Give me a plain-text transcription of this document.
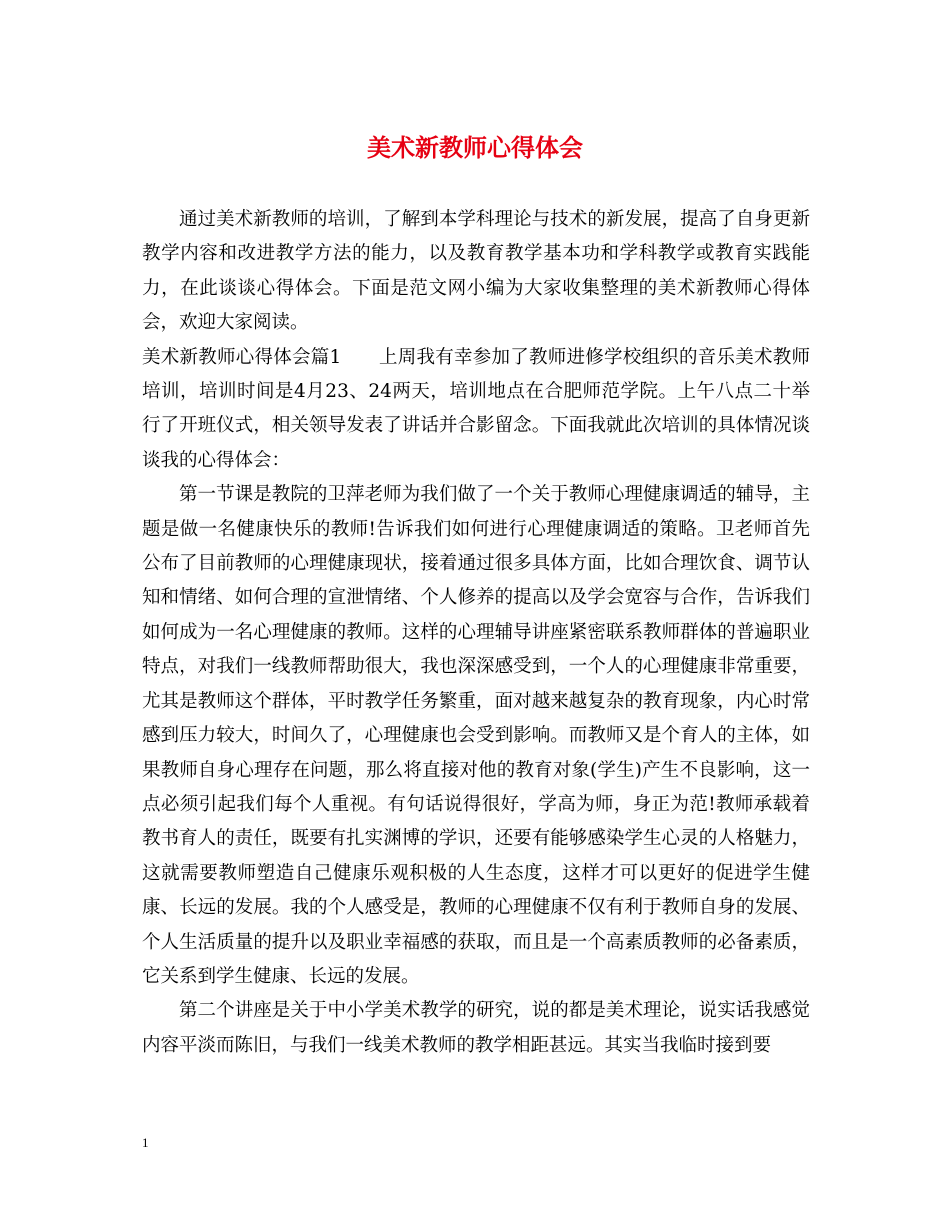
美术新教师心得体会

通过美术新教师的培训，了解到本学科理论与技术的新发展，提高了自身更新教学内容和改进教学方法的能力，以及教育教学基本功和学科教学或教育实践能力，在此谈谈心得体会。下面是范文网小编为大家收集整理的美术新教师心得体会，欢迎大家阅读。

美术新教师心得体会篇1　　上周我有幸参加了教师进修学校组织的音乐美术教师培训，培训时间是4月23、24两天，培训地点在合肥师范学院。上午八点二十举行了开班仪式，相关领导发表了讲话并合影留念。下面我就此次培训的具体情况谈谈我的心得体会：

第一节课是教院的卫萍老师为我们做了一个关于教师心理健康调适的辅导，主题是做一名健康快乐的教师!告诉我们如何进行心理健康调适的策略。卫老师首先公布了目前教师的心理健康现状，接着通过很多具体方面，比如合理饮食、调节认知和情绪、如何合理的宣泄情绪、个人修养的提高以及学会宽容与合作，告诉我们如何成为一名心理健康的教师。这样的心理辅导讲座紧密联系教师群体的普遍职业特点，对我们一线教师帮助很大，我也深深感受到，一个人的心理健康非常重要，尤其是教师这个群体，平时教学任务繁重，面对越来越复杂的教育现象，内心时常感到压力较大，时间久了，心理健康也会受到影响。而教师又是个育人的主体，如果教师自身心理存在问题，那么将直接对他的教育对象(学生)产生不良影响，这一点必须引起我们每个人重视。有句话说得很好，学高为师，身正为范!教师承载着教书育人的责任，既要有扎实渊博的学识，还要有能够感染学生心灵的人格魅力，这就需要教师塑造自己健康乐观积极的人生态度，这样才可以更好的促进学生健康、长远的发展。我的个人感受是，教师的心理健康不仅有利于教师自身的发展、个人生活质量的提升以及职业幸福感的获取，而且是一个高素质教师的必备素质，它关系到学生健康、长远的发展。

第二个讲座是关于中小学美术教学的研究，说的都是美术理论，说实话我感觉内容平淡而陈旧，与我们一线美术教师的教学相距甚远。其实当我临时接到要

1
